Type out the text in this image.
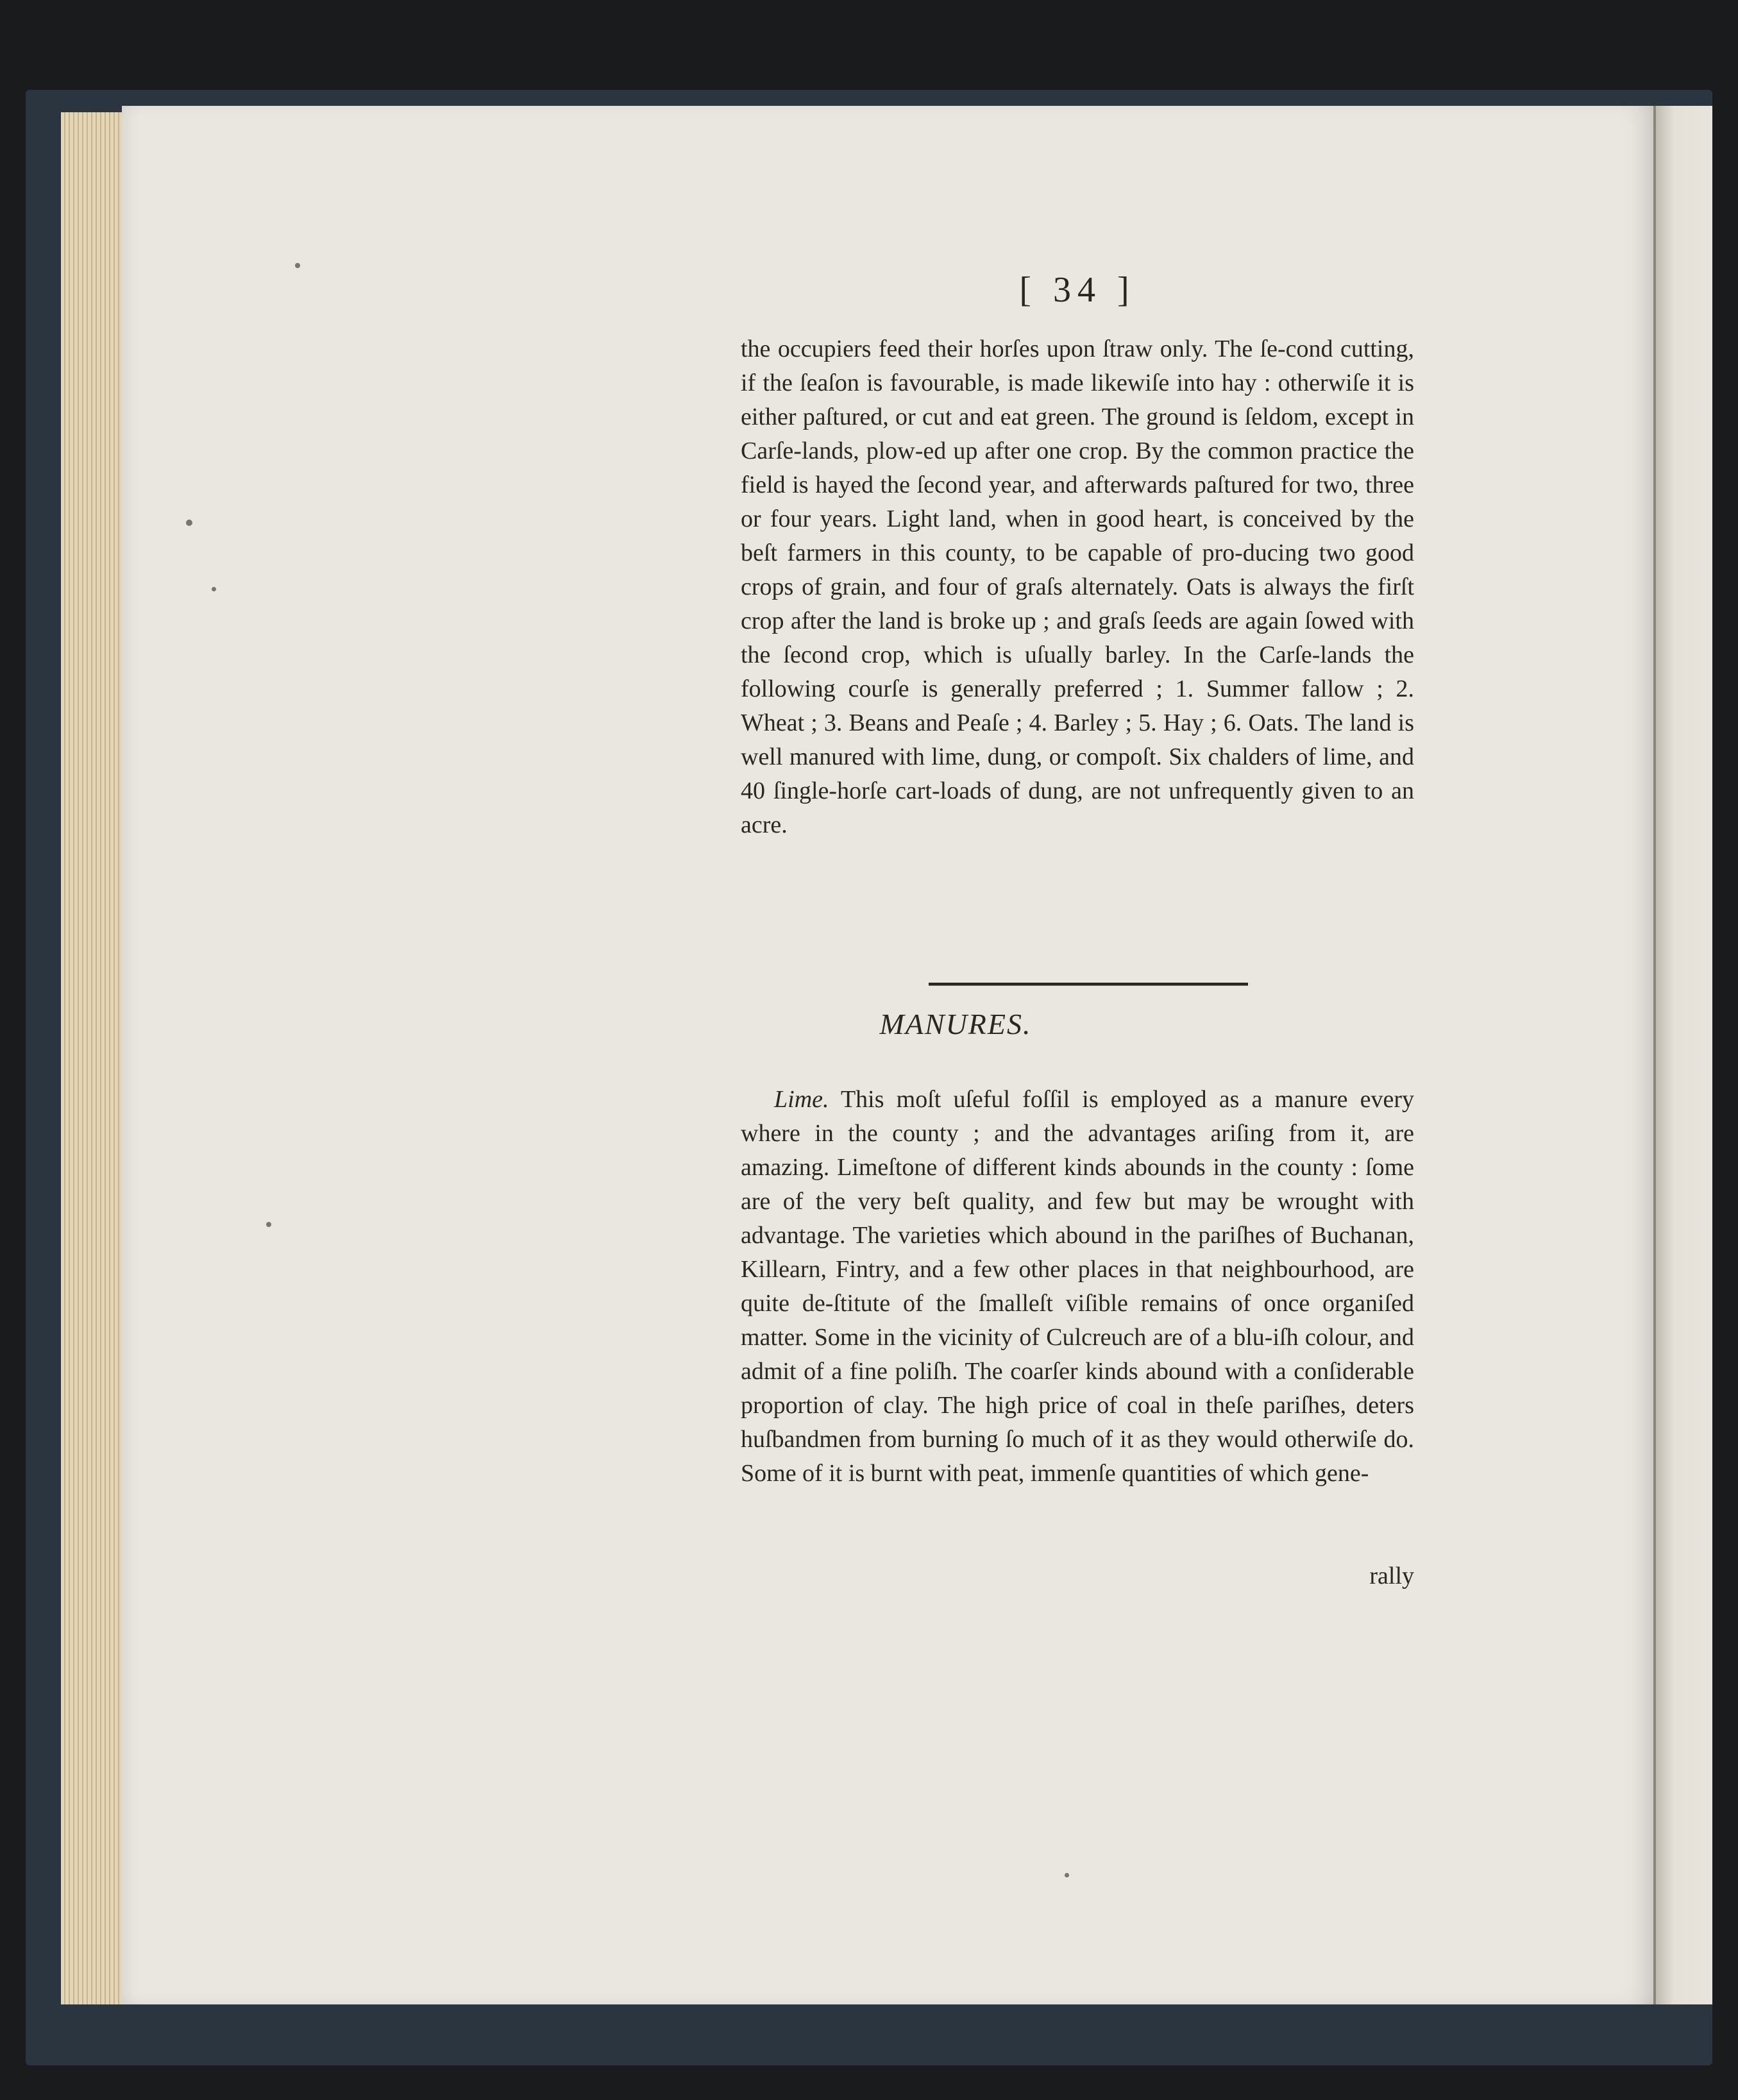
[ 34 ]
the occupiers feed their horſes upon ſtraw only. The ſe-cond cutting, if the ſeaſon is favourable, is made likewiſe into hay : otherwiſe it is either paſtured, or cut and eat green. The ground is ſeldom, except in Carſe-lands, plow-ed up after one crop. By the common practice the field is hayed the ſecond year, and afterwards paſtured for two, three or four years. Light land, when in good heart, is conceived by the beſt farmers in this county, to be capable of pro-ducing two good crops of grain, and four of graſs alternately. Oats is always the firſt crop after the land is broke up ; and graſs ſeeds are again ſowed with the ſecond crop, which is uſually barley. In the Carſe-lands the following courſe is generally preferred ; 1. Summer fallow ; 2. Wheat ; 3. Beans and Peaſe ; 4. Barley ; 5. Hay ; 6. Oats. The land is well manured with lime, dung, or compoſt. Six chalders of lime, and 40 ſingle-horſe cart-loads of dung, are not unfrequently given to an acre.
MANURES.
Lime. This moſt uſeful foſſil is employed as a manure every where in the county ; and the advantages ariſing from it, are amazing. Limeſtone of different kinds abounds in the county : ſome are of the very beſt quality, and few but may be wrought with advantage. The varieties which abound in the pariſhes of Buchanan, Killearn, Fintry, and a few other places in that neighbourhood, are quite de-ſtitute of the ſmalleſt viſible remains of once organiſed matter. Some in the vicinity of Culcreuch are of a blu-iſh colour, and admit of a fine poliſh. The coarſer kinds abound with a conſiderable proportion of clay. The high price of coal in theſe pariſhes, deters huſbandmen from burning ſo much of it as they would otherwiſe do. Some of it is burnt with peat, immenſe quantities of which gene-
rally
